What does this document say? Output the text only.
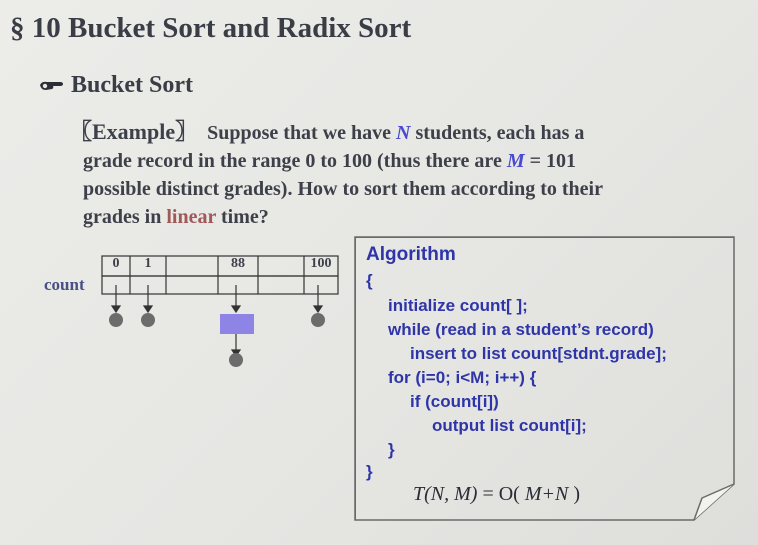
§ 10 Bucket Sort and Radix Sort
Bucket Sort
〖Example〗 Suppose that we have N students, each has a
grade record in the range 0 to 100 (thus there are M = 101
possible distinct grades). How to sort them according to their
grades in linear time?
count
0	1	88	100	Algorithm
{
initialize count[ ];
while (read in a student’s record)
insert to list count[stdnt.grade];
for (i=0; i<M; i++) {
if (count[i])
output list count[i];
}
}
T(N, M) = O( M+N )
